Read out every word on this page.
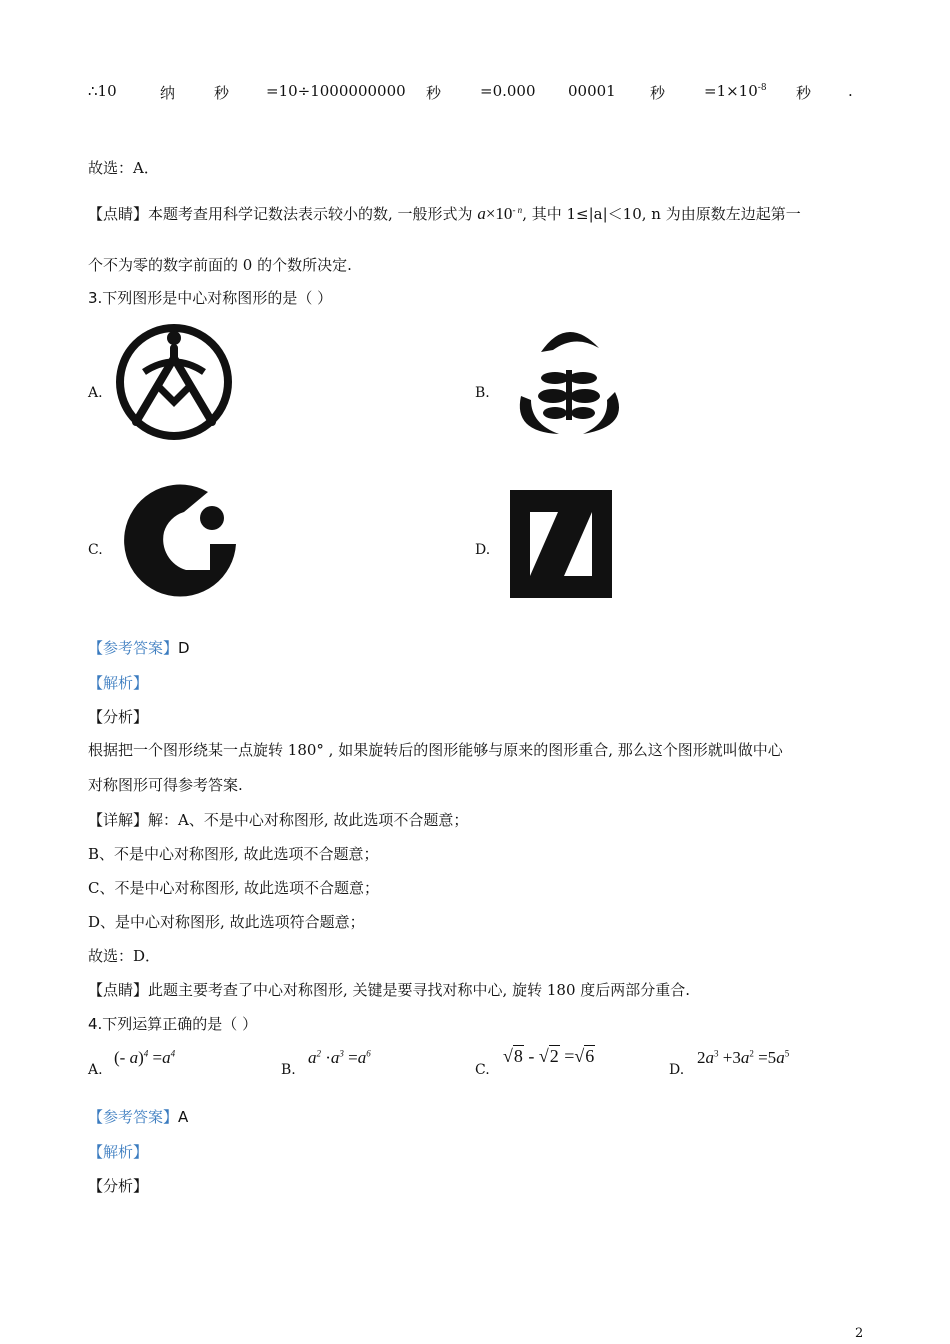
∴10	纳	秒 =10÷1000000000 秒	=0.000 00001 秒	$=1\times 10^{-8}$ 秒 .
故选：A．
【点睛】本题考查用科学记数法表示较小的数, 一般形式为 $a\times 10^{- n}$, 其中 1≤|a|＜10, n 为由原数左边起第一
个不为零的数字前面的 0 的个数所决定.
3.下列图形是中心对称图形的是（ ）
A.	B.
C.	D.
【参考答案】D
【解析】
【分析】
根据把一个图形绕某一点旋转 180° , 如果旋转后的图形能够与原来的图形重合, 那么这个图形就叫做中心
对称图形可得参考答案.
【详解】解：A、不是中心对称图形, 故此选项不合题意；
B、不是中心对称图形, 故此选项不合题意；
C、不是中心对称图形, 故此选项不合题意；
D、是中心对称图形, 故此选项符合题意；
故选：D．
【点睛】此题主要考查了中心对称图形, 关键是要寻找对称中心, 旋转 180 度后两部分重合.
4.下列运算正确的是（ ）
A.
(- $a)^4 =a^4$
B.
$a^2 \cdot a^3 =a^6$
C.
√8 - √2 =√6
D.
$2a^3 +3a^2 =5a^5$
【参考答案】A
【解析】
【分析】
2
